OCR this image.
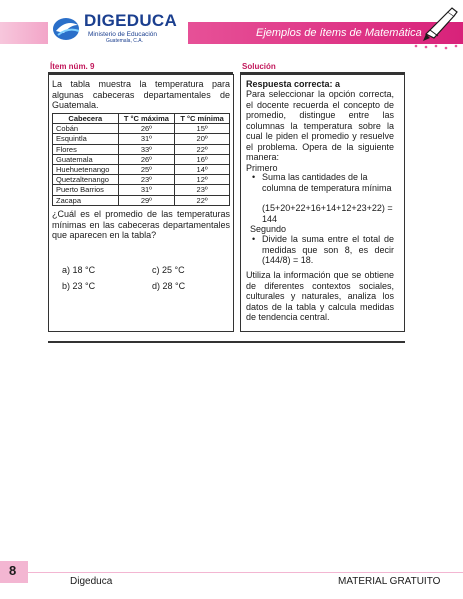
DIGEDUCA
Ministerio de Educación
Guatemala, C.A.
Ejemplos de ítems de Matemática
Ítem núm. 9	Solución
La tabla muestra la temperatura para algunas cabeceras departamentales de Guatemala.
Cabecera	T °C máxima	T °C mínima
Cobán	26º	15º
Esquintla	31º	20º
Flores	33º	22º
Guatemala	26º	16º
Huehuetenango	25º	14º
Quetzaltenango	23º	12º
Puerto Barrios	31º	23º
Zacapa	29º	22º
¿Cuál es el promedio de las temperaturas mínimas en las cabeceras departamentales que aparecen en la tabla?
a) 18 °C	c) 25 °C
b) 23 °C	d) 28 °C
Respuesta correcta: a
Para seleccionar la opción correcta, el docente recuerda el concepto de promedio, distingue entre las columnas la temperatura sobre la cual le piden el promedio y resuelve el problema. Opera de la siguiente manera:
Primero
• Suma las cantidades de la columna de temperatura mínima
(15+20+22+16+14+12+23+22) = 144
Segundo
• Divide la suma entre el total de medidas que son 8, es decir (144/8) = 18.
Utiliza la información que se obtiene de diferentes contextos sociales, culturales y naturales, analiza los datos de la tabla y calcula medidas de tendencia central.
8
Digeduca	MATERIAL GRATUITO
